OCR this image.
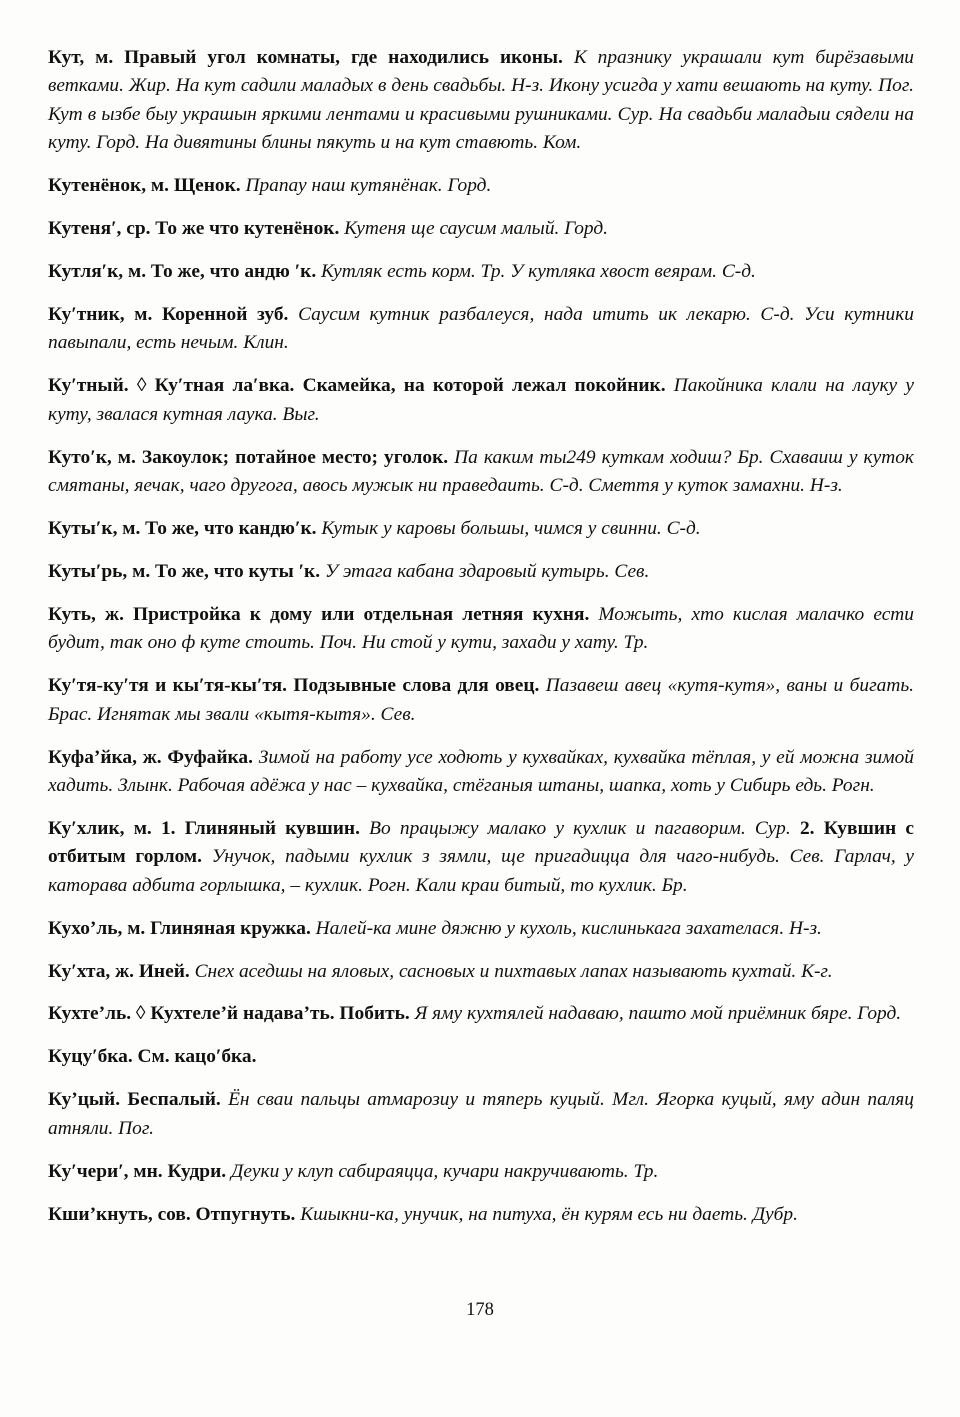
Кут, м. Правый угол комнаты, где находились иконы. К празнику украшали кут бирёзавыми ветками. Жир. На кут садили маладых в день свадьбы. Н-з. Икону усигда у хати вешають на куту. Пог. Кут в ызбе быу украшын яркими лентами и красивыми рушниками. Сур. На свадьби маладыи сядели на куту. Горд. На дивятины блины пякуть и на кут ставють. Ком.

Кутенёнок, м. Щенок. Прапау наш кутянёнак. Горд.

Кутеня′, ср. То же что кутенёнок. Кутеня ще саусим малый. Горд.

Кутля′к, м. То же, что андю ′к. Кутляк есть корм. Тр. У кутляка хвост веярам. С-д.

Ку′тник, м. Коренной зуб. Саусим кутник разбалеуся, нада итить ик лекарю. С-д. Уси кутники павыпали, есть нечым. Клин.

Ку′тный. ◊ Ку′тная ла′вка. Скамейка, на которой лежал покойник. Пакойника клали на лауку у куту, звалася кутная лаука. Выг.

Куто′к, м. Закоулок; потайное место; уголок. Па каким ты249 куткам ходиш? Бр. Схаваиш у куток смятаны, яечак, чаго другога, авось мужык ни праведаить. С-д. Смеття у куток замахни. Н-з.

Куты′к, м. То же, что кандю′к. Кутык у каровы большы, чимся у свинни. С-д.

Куты′рь, м. То же, что куты ′к. У этага кабана здаровый кутырь. Сев.

Куть, ж. Пристройка к дому или отдельная летняя кухня. Можыть, хто кислая малачко ести будит, так оно ф куте стоить. Поч. Ни стой у кути, захади у хату. Тр.

Ку′тя-ку′тя и кы′тя-кы′тя. Подзывные слова для овец. Пазавеш авец «кутя-кутя», ваны и бигать. Брас. Игнятак мы звали «кытя-кытя». Сев.

Куфа’йка, ж. Фуфайка. Зимой на работу усе ходють у кухвайках, кухвайка тёплая, у ей можна зимой хадить. Злынк. Рабочая адёжа у нас – кухвайка, стёганыя штаны, шапка, хоть у Сибирь едь. Рогн.

Ку′хлик, м. 1. Глиняный кувшин. Во працыжу малако у кухлик и пагаворим. Сур. 2. Кувшин с отбитым горлом. Унучок, падыми кухлик з зямли, ще пригадицца для чаго-нибудь. Сев. Гарлач, у каторава адбита горлышка, – кухлик. Рогн. Кали краи битый, то кухлик. Бр.

Кухо’ль, м. Глиняная кружка. Налей-ка мине дяжню у кухоль, кислинькага захателася. Н-з.

Ку′хта, ж. Иней. Снех аседшы на яловых, сасновых и пихтавых лапах называють кухтай. К-г.

Кухте’ль. ◊ Кухтеле’й надава’ть. Побить. Я яму кухтялей надаваю, пашто мой приёмник бяре. Горд.

Куцу′бка. См. кацо′бка.

Ку’цый. Беспалый. Ён сваи пальцы атмарозиу и тяперь куцый. Мгл. Ягорка куцый, яму адин паляц атняли. Пог.

Ку′чери′, мн. Кудри. Деуки у клуп сабираяцца, кучари накручивають. Тр.

Кши’кнуть, сов. Отпугнуть. Кшыкни-ка, унучик, на питуха, ён курям есь ни даеть. Дубр.

178
